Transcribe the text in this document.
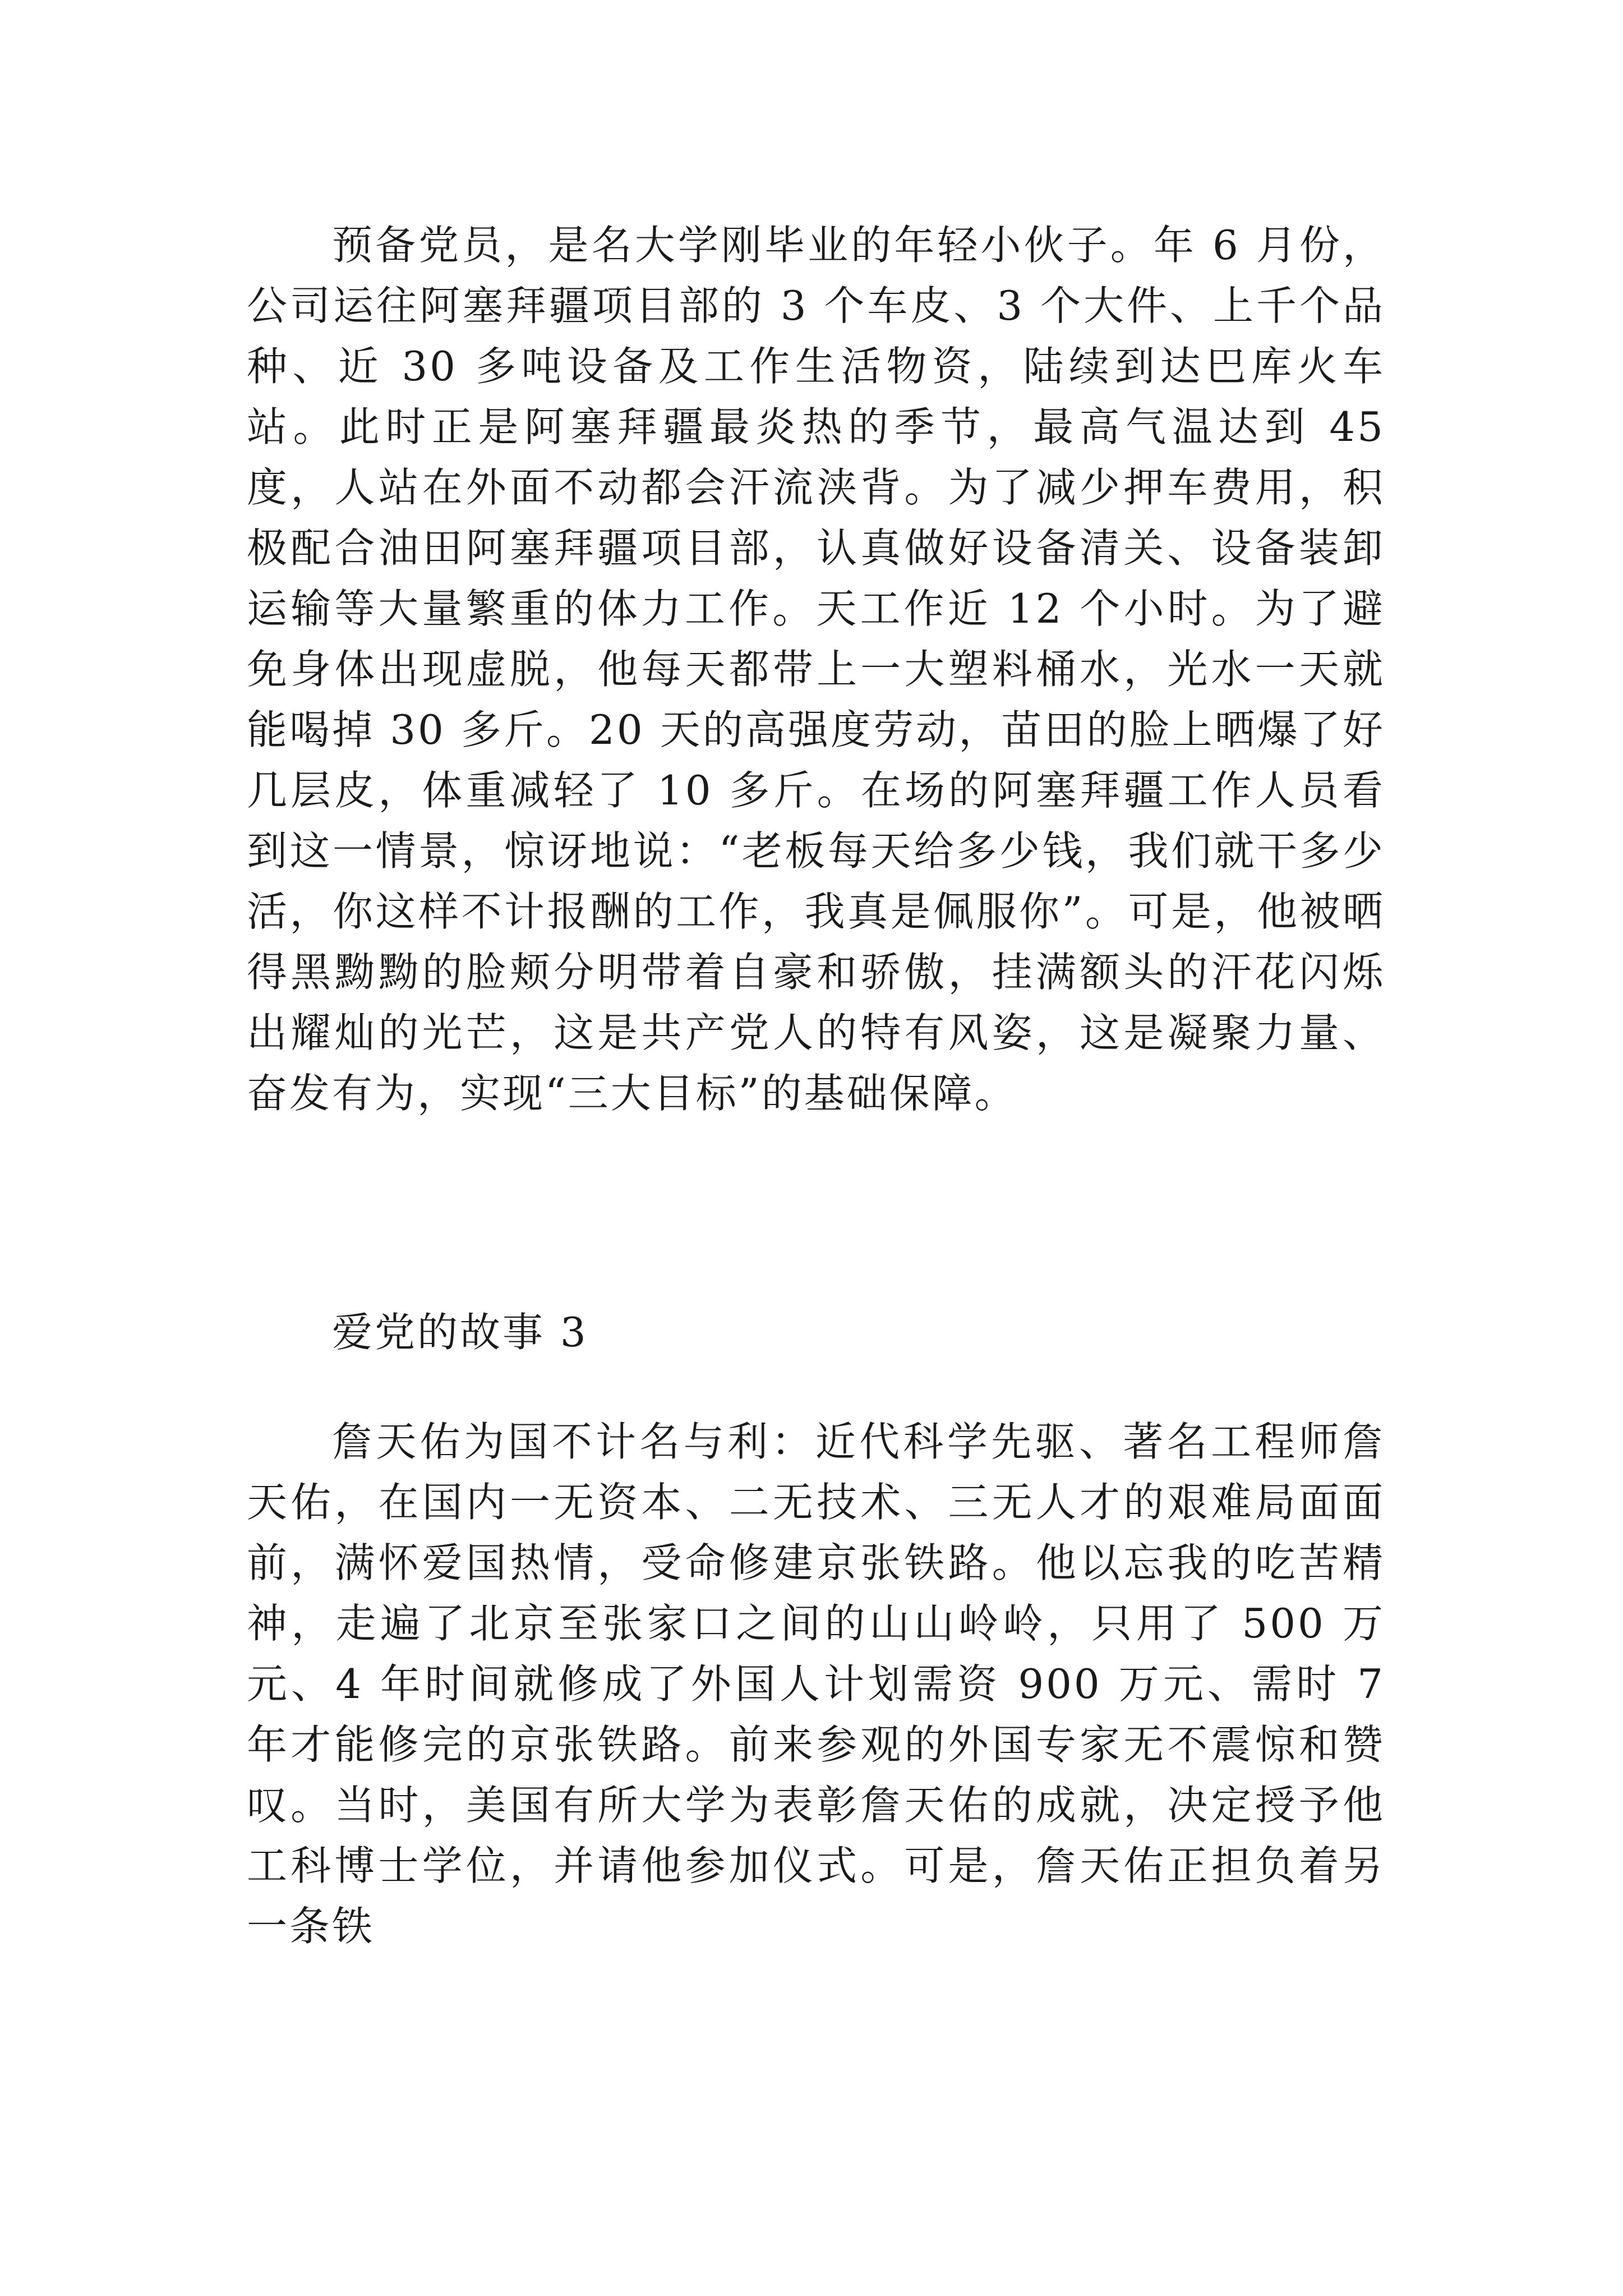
预备党员，是名大学刚毕业的年轻小伙子。年 6 月份，公司运往阿塞拜疆项目部的 3 个车皮、3 个大件、上千个品种、近 30 多吨设备及工作生活物资，陆续到达巴库火车站。此时正是阿塞拜疆最炎热的季节，最高气温达到 45 度，人站在外面不动都会汗流浃背。为了减少押车费用，积极配合油田阿塞拜疆项目部，认真做好设备清关、设备装卸运输等大量繁重的体力工作。天工作近 12 个小时。为了避免身体出现虚脱，他每天都带上一大塑料桶水，光水一天就能喝掉 30 多斤。20 天的高强度劳动，苗田的脸上晒爆了好几层皮，体重减轻了 10 多斤。在场的阿塞拜疆工作人员看到这一情景，惊讶地说：“老板每天给多少钱，我们就干多少活，你这样不计报酬的工作，我真是佩服你”。可是，他被晒得黑黝黝的脸颊分明带着自豪和骄傲，挂满额头的汗花闪烁出耀灿的光芒，这是共产党人的特有风姿，这是凝聚力量、奋发有为，实现“三大目标”的基础保障。

爱党的故事 3

詹天佑为国不计名与利：近代科学先驱、著名工程师詹天佑，在国内一无资本、二无技术、三无人才的艰难局面面前，满怀爱国热情，受命修建京张铁路。他以忘我的吃苦精神，走遍了北京至张家口之间的山山岭岭，只用了 500 万元、4 年时间就修成了外国人计划需资 900 万元、需时 7 年才能修完的京张铁路。前来参观的外国专家无不震惊和赞叹。当时，美国有所大学为表彰詹天佑的成就，决定授予他工科博士学位，并请他参加仪式。可是，詹天佑正担负着另一条铁
